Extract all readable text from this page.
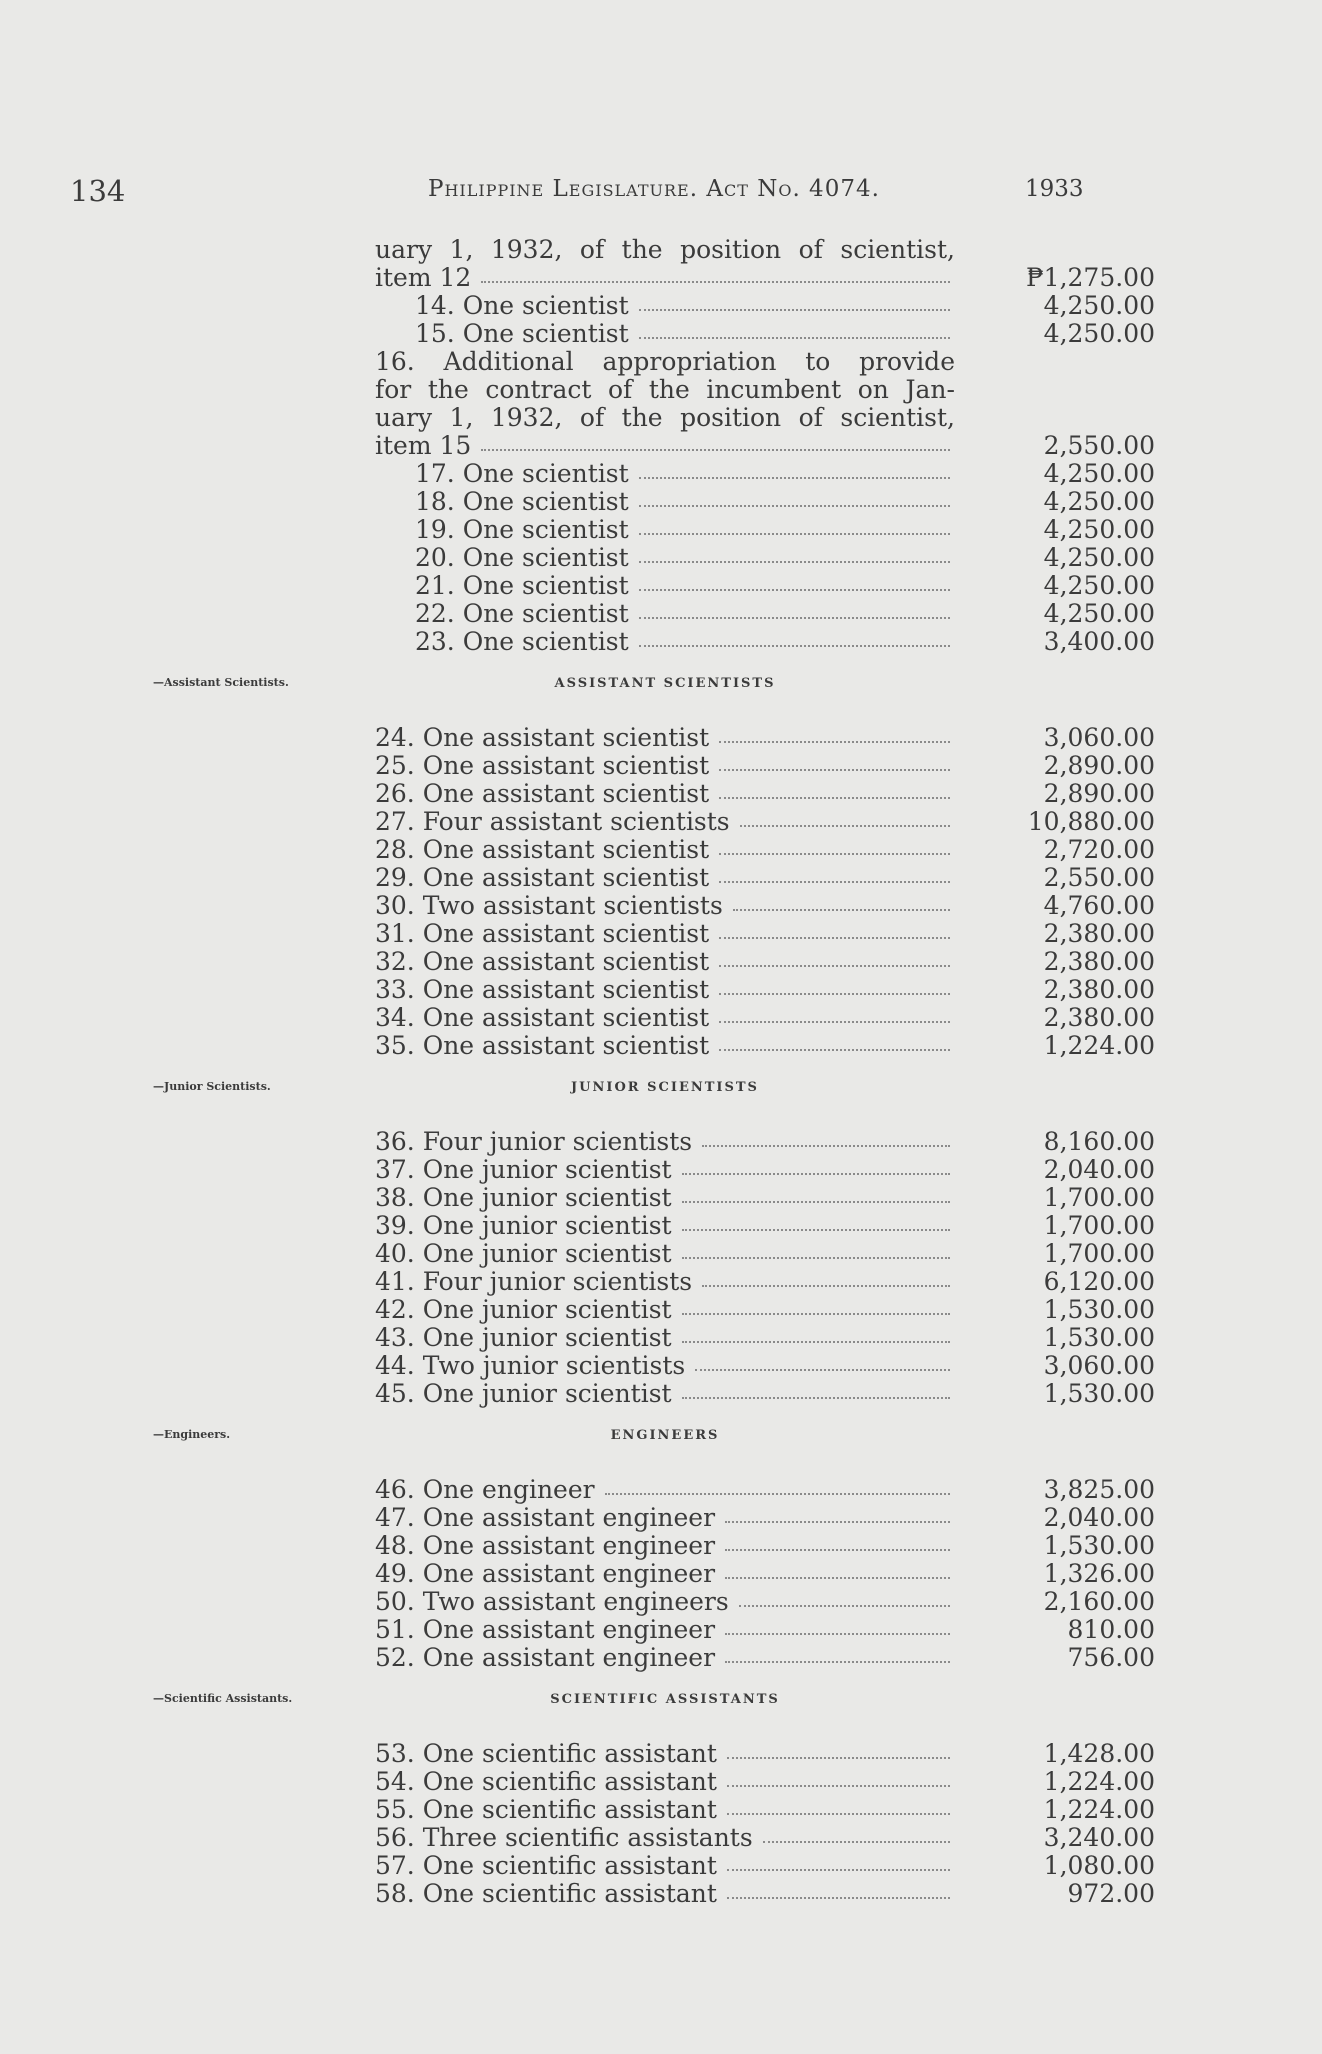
134	Philippine Legislature. Act No. 4074.	1933
uary 1, 1932, of the position of scientist,
item 12	₱1,275.00
14. One scientist	4,250.00
15. One scientist	4,250.00
16. Additional appropriation to provide
for the contract of the incumbent on Jan-
uary 1, 1932, of the position of scientist,
item 15	2,550.00
17. One scientist	4,250.00
18. One scientist	4,250.00
19. One scientist	4,250.00
20. One scientist	4,250.00
21. One scientist	4,250.00
22. One scientist	4,250.00
23. One scientist	3,400.00
—Assistant Scientists.	ASSISTANT SCIENTISTS
24. One assistant scientist	3,060.00
25. One assistant scientist	2,890.00
26. One assistant scientist	2,890.00
27. Four assistant scientists	10,880.00
28. One assistant scientist	2,720.00
29. One assistant scientist	2,550.00
30. Two assistant scientists	4,760.00
31. One assistant scientist	2,380.00
32. One assistant scientist	2,380.00
33. One assistant scientist	2,380.00
34. One assistant scientist	2,380.00
35. One assistant scientist	1,224.00
—Junior Scientists.	JUNIOR SCIENTISTS
36. Four junior scientists	8,160.00
37. One junior scientist	2,040.00
38. One junior scientist	1,700.00
39. One junior scientist	1,700.00
40. One junior scientist	1,700.00
41. Four junior scientists	6,120.00
42. One junior scientist	1,530.00
43. One junior scientist	1,530.00
44. Two junior scientists	3,060.00
45. One junior scientist	1,530.00
—Engineers.	ENGINEERS
46. One engineer	3,825.00
47. One assistant engineer	2,040.00
48. One assistant engineer	1,530.00
49. One assistant engineer	1,326.00
50. Two assistant engineers	2,160.00
51. One assistant engineer	810.00
52. One assistant engineer	756.00
—Scientific Assistants.	SCIENTIFIC ASSISTANTS
53. One scientific assistant	1,428.00
54. One scientific assistant	1,224.00
55. One scientific assistant	1,224.00
56. Three scientific assistants	3,240.00
57. One scientific assistant	1,080.00
58. One scientific assistant	972.00
